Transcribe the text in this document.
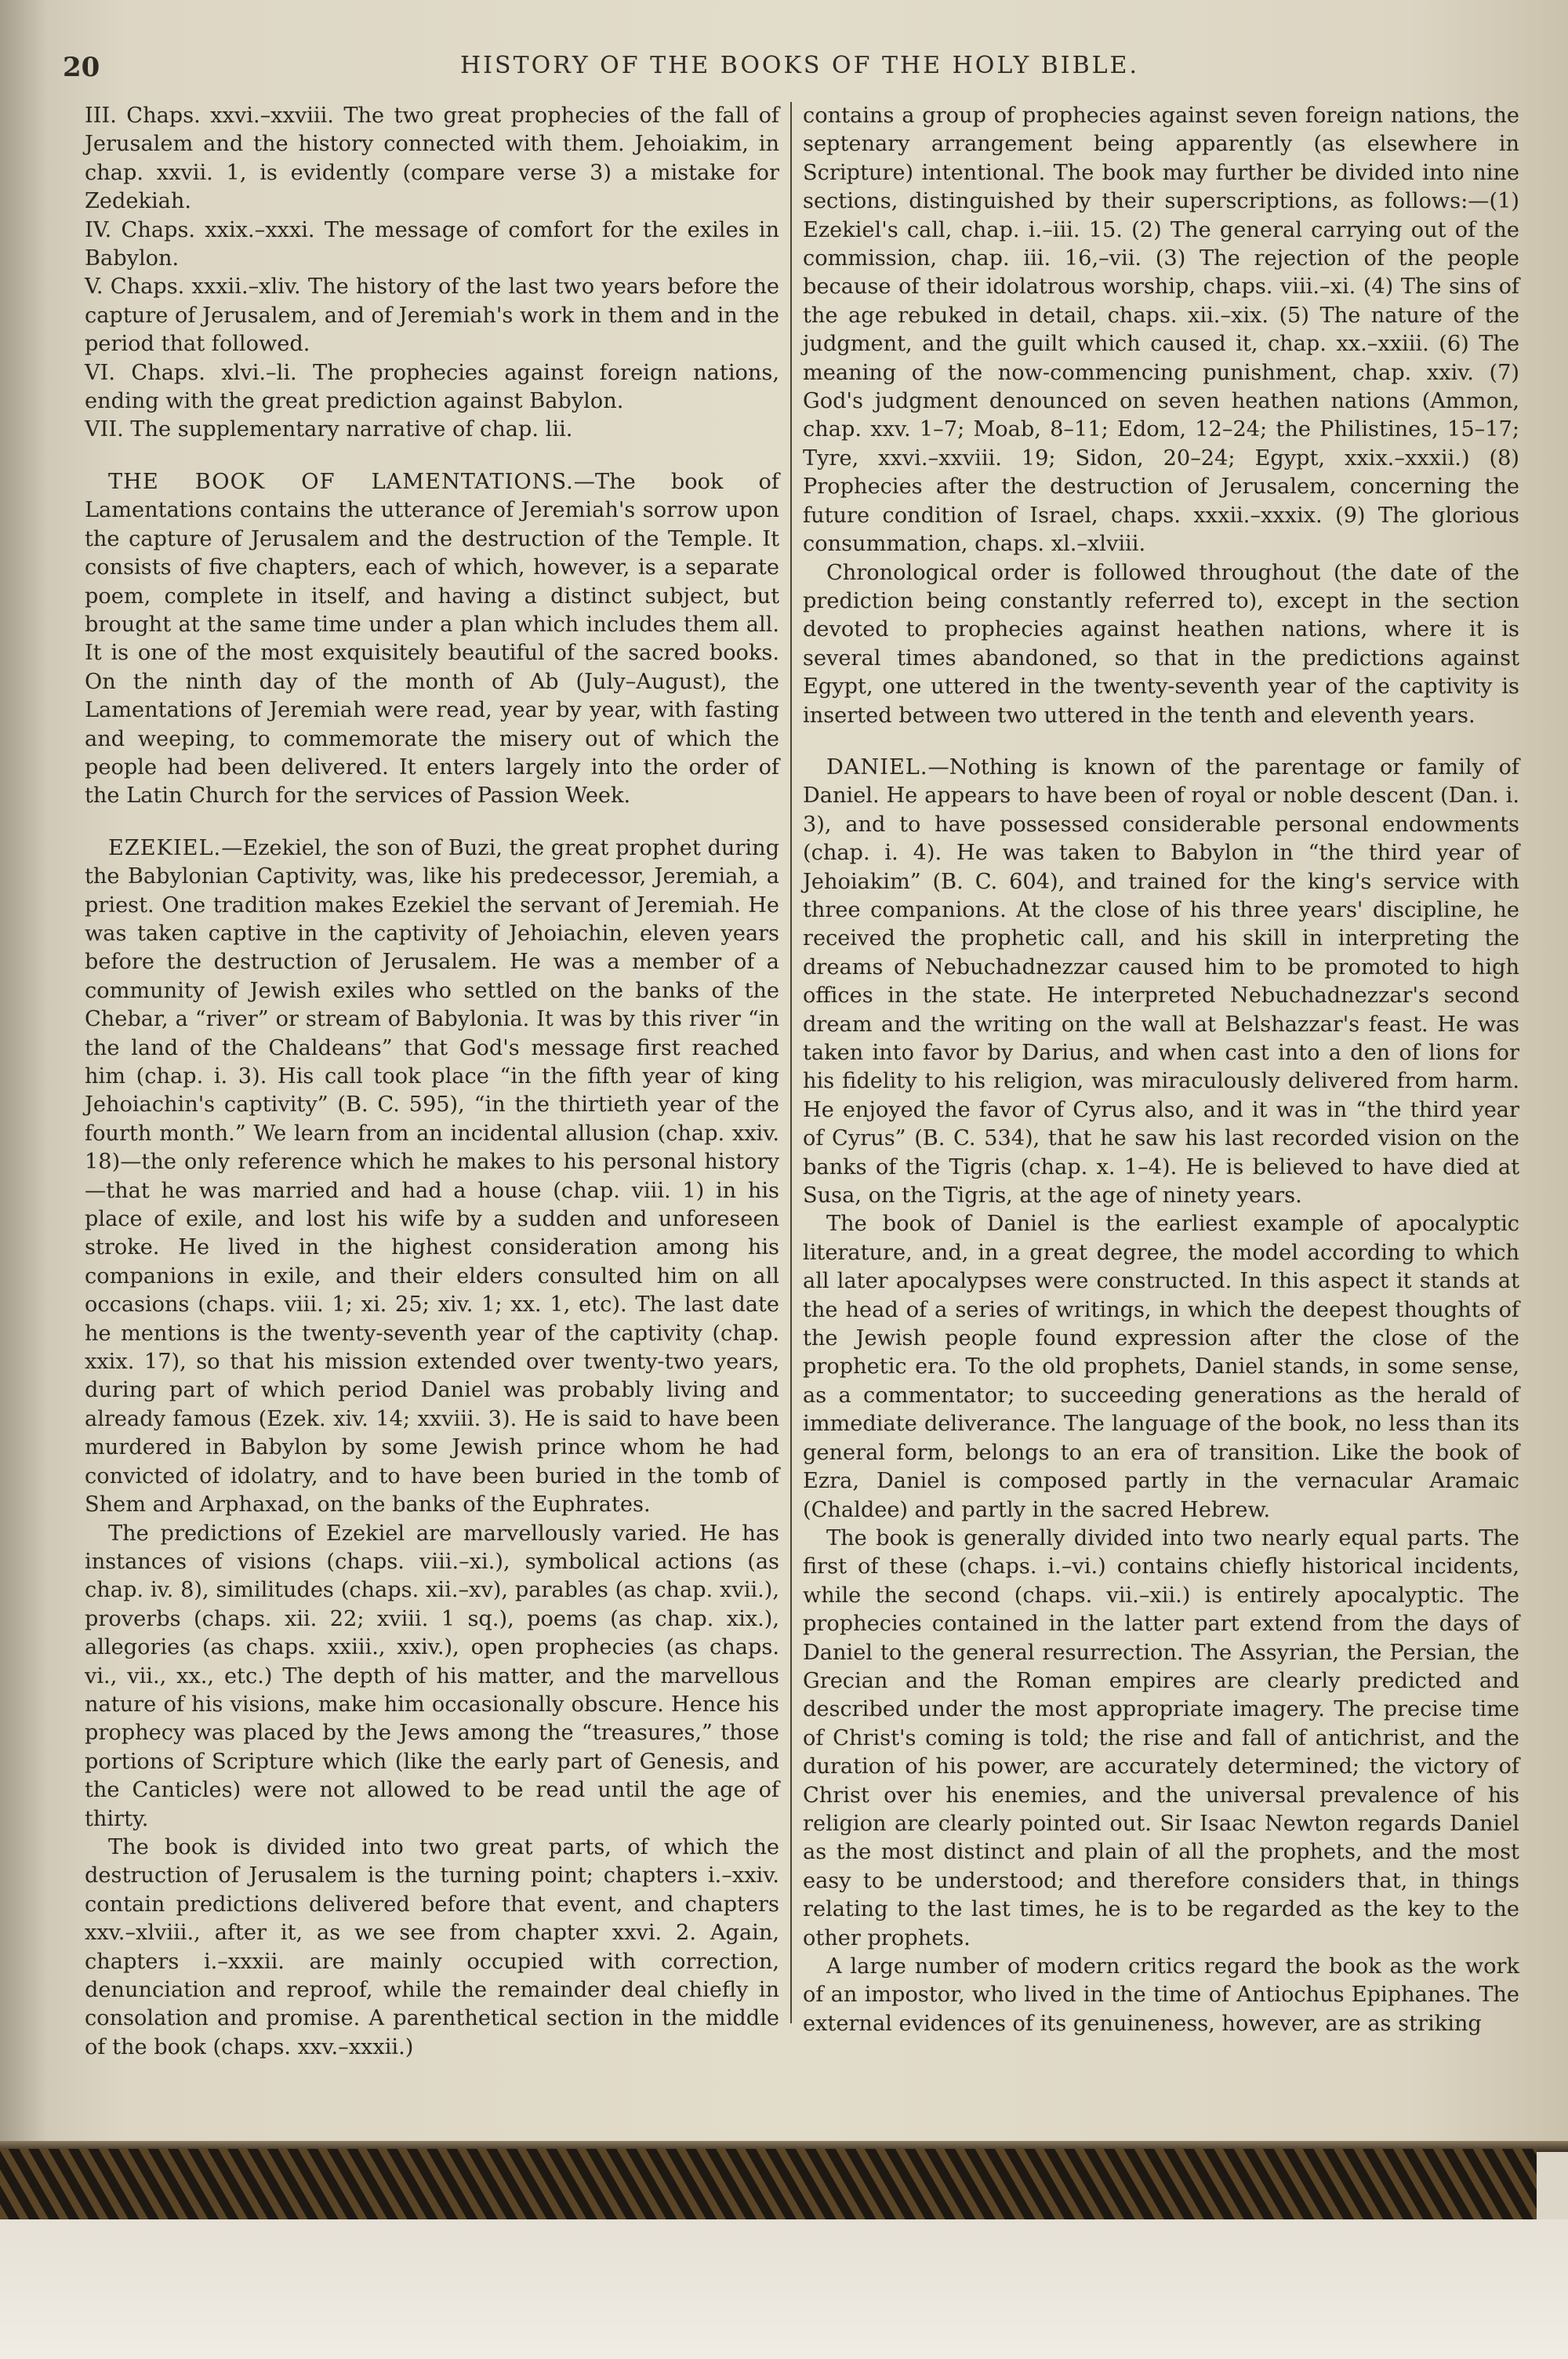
20	HISTORY OF THE BOOKS OF THE HOLY BIBLE.

III. Chaps. xxvi.–xxviii. The two great prophecies of the fall of Jerusalem and the history connected with them. Jehoiakim, in chap. xxvii. 1, is evidently (compare verse 3) a mistake for Zedekiah.

IV. Chaps. xxix.–xxxi. The message of comfort for the exiles in Babylon.

V. Chaps. xxxii.–xliv. The history of the last two years before the capture of Jerusalem, and of Jeremiah's work in them and in the period that followed.

VI. Chaps. xlvi.–li. The prophecies against foreign nations, ending with the great prediction against Babylon.

VII. The supplementary narrative of chap. lii.

THE BOOK OF LAMENTATIONS.—The book of Lamentations contains the utterance of Jeremiah's sorrow upon the capture of Jerusalem and the destruction of the Temple. It consists of five chapters, each of which, however, is a separate poem, complete in itself, and having a distinct subject, but brought at the same time under a plan which includes them all. It is one of the most exquisitely beautiful of the sacred books. On the ninth day of the month of Ab (July–August), the Lamentations of Jeremiah were read, year by year, with fasting and weeping, to commemorate the misery out of which the people had been delivered. It enters largely into the order of the Latin Church for the services of Passion Week.

EZEKIEL.—Ezekiel, the son of Buzi, the great prophet during the Babylonian Captivity, was, like his predecessor, Jeremiah, a priest. One tradition makes Ezekiel the servant of Jeremiah. He was taken captive in the captivity of Jehoiachin, eleven years before the destruction of Jerusalem. He was a member of a community of Jewish exiles who settled on the banks of the Chebar, a “river” or stream of Babylonia. It was by this river “in the land of the Chaldeans” that God's message first reached him (chap. i. 3). His call took place “in the fifth year of king Jehoiachin's captivity” (B. C. 595), “in the thirtieth year of the fourth month.” We learn from an incidental allusion (chap. xxiv. 18)—the only reference which he makes to his personal history—that he was married and had a house (chap. viii. 1) in his place of exile, and lost his wife by a sudden and unforeseen stroke. He lived in the highest consideration among his companions in exile, and their elders consulted him on all occasions (chaps. viii. 1; xi. 25; xiv. 1; xx. 1, etc). The last date he mentions is the twenty-seventh year of the captivity (chap. xxix. 17), so that his mission extended over twenty-two years, during part of which period Daniel was probably living and already famous (Ezek. xiv. 14; xxviii. 3). He is said to have been murdered in Babylon by some Jewish prince whom he had convicted of idolatry, and to have been buried in the tomb of Shem and Arphaxad, on the banks of the Euphrates.

The predictions of Ezekiel are marvellously varied. He has instances of visions (chaps. viii.–xi.), symbolical actions (as chap. iv. 8), similitudes (chaps. xii.–xv), parables (as chap. xvii.), proverbs (chaps. xii. 22; xviii. 1 sq.), poems (as chap. xix.), allegories (as chaps. xxiii., xxiv.), open prophecies (as chaps. vi., vii., xx., etc.) The depth of his matter, and the marvellous nature of his visions, make him occasionally obscure. Hence his prophecy was placed by the Jews among the “treasures,” those portions of Scripture which (like the early part of Genesis, and the Canticles) were not allowed to be read until the age of thirty.

The book is divided into two great parts, of which the destruction of Jerusalem is the turning point; chapters i.–xxiv. contain predictions delivered before that event, and chapters xxv.–xlviii., after it, as we see from chapter xxvi. 2. Again, chapters i.–xxxii. are mainly occupied with correction, denunciation and reproof, while the remainder deal chiefly in consolation and promise. A parenthetical section in the middle of the book (chaps. xxv.–xxxii.)

contains a group of prophecies against seven foreign nations, the septenary arrangement being apparently (as elsewhere in Scripture) intentional. The book may further be divided into nine sections, distinguished by their superscriptions, as follows:—(1) Ezekiel's call, chap. i.–iii. 15. (2) The general carrying out of the commission, chap. iii. 16,–vii. (3) The rejection of the people because of their idolatrous worship, chaps. viii.–xi. (4) The sins of the age rebuked in detail, chaps. xii.–xix. (5) The nature of the judgment, and the guilt which caused it, chap. xx.–xxiii. (6) The meaning of the now-commencing punishment, chap. xxiv. (7) God's judgment denounced on seven heathen nations (Ammon, chap. xxv. 1–7; Moab, 8–11; Edom, 12–24; the Philistines, 15–17; Tyre, xxvi.–xxviii. 19; Sidon, 20–24; Egypt, xxix.–xxxii.) (8) Prophecies after the destruction of Jerusalem, concerning the future condition of Israel, chaps. xxxii.–xxxix. (9) The glorious consummation, chaps. xl.–xlviii.

Chronological order is followed throughout (the date of the prediction being constantly referred to), except in the section devoted to prophecies against heathen nations, where it is several times abandoned, so that in the predictions against Egypt, one uttered in the twenty-seventh year of the captivity is inserted between two uttered in the tenth and eleventh years.

DANIEL.—Nothing is known of the parentage or family of Daniel. He appears to have been of royal or noble descent (Dan. i. 3), and to have possessed considerable personal endowments (chap. i. 4). He was taken to Babylon in “the third year of Jehoiakim” (B. C. 604), and trained for the king's service with three companions. At the close of his three years' discipline, he received the prophetic call, and his skill in interpreting the dreams of Nebuchadnezzar caused him to be promoted to high offices in the state. He interpreted Nebuchadnezzar's second dream and the writing on the wall at Belshazzar's feast. He was taken into favor by Darius, and when cast into a den of lions for his fidelity to his religion, was miraculously delivered from harm. He enjoyed the favor of Cyrus also, and it was in “the third year of Cyrus” (B. C. 534), that he saw his last recorded vision on the banks of the Tigris (chap. x. 1–4). He is believed to have died at Susa, on the Tigris, at the age of ninety years.

The book of Daniel is the earliest example of apocalyptic literature, and, in a great degree, the model according to which all later apocalypses were constructed. In this aspect it stands at the head of a series of writings, in which the deepest thoughts of the Jewish people found expression after the close of the prophetic era. To the old prophets, Daniel stands, in some sense, as a commentator; to succeeding generations as the herald of immediate deliverance. The language of the book, no less than its general form, belongs to an era of transition. Like the book of Ezra, Daniel is composed partly in the vernacular Aramaic (Chaldee) and partly in the sacred Hebrew.

The book is generally divided into two nearly equal parts. The first of these (chaps. i.–vi.) contains chiefly historical incidents, while the second (chaps. vii.–xii.) is entirely apocalyptic. The prophecies contained in the latter part extend from the days of Daniel to the general resurrection. The Assyrian, the Persian, the Grecian and the Roman empires are clearly predicted and described under the most appropriate imagery. The precise time of Christ's coming is told; the rise and fall of antichrist, and the duration of his power, are accurately determined; the victory of Christ over his enemies, and the universal prevalence of his religion are clearly pointed out. Sir Isaac Newton regards Daniel as the most distinct and plain of all the prophets, and the most easy to be understood; and therefore considers that, in things relating to the last times, he is to be regarded as the key to the other prophets.

A large number of modern critics regard the book as the work of an impostor, who lived in the time of Antiochus Epiphanes. The external evidences of its genuineness, however, are as striking
